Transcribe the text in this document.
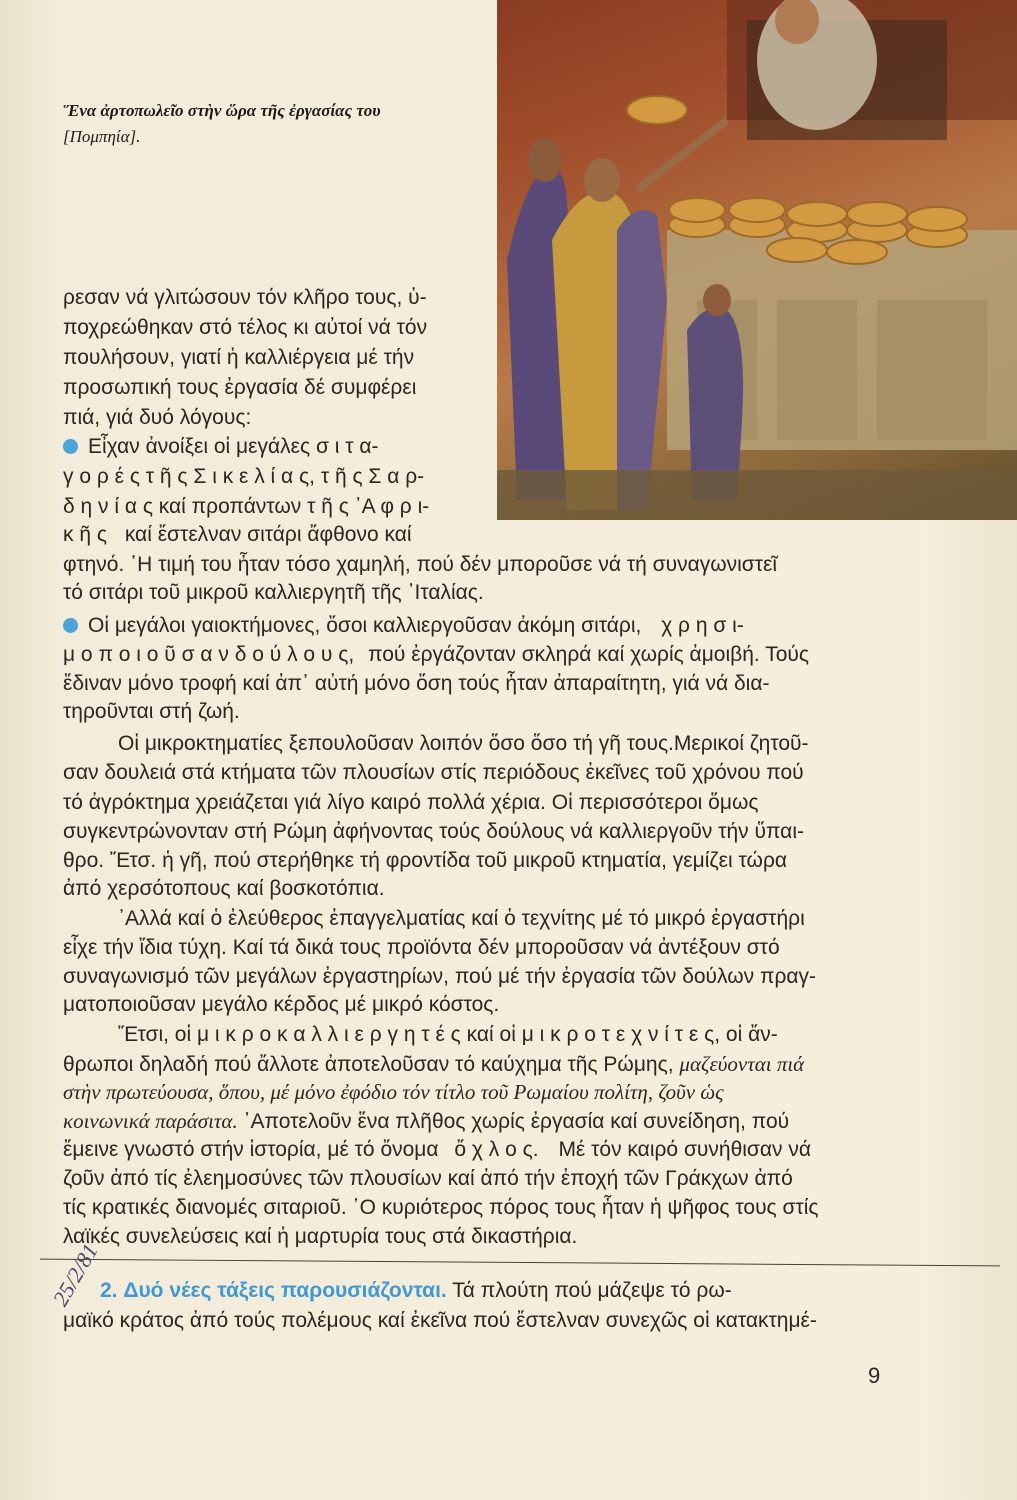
Ἕνα ἀρτοπωλεῖο στὴν ὥρα τῆς ἐργασίας του
[Πομπηία].
ρεσαν νά γλιτώσουν τόν κλῆρο τους, ὑ-
ποχρεώθηκαν στό τέλος κι αὐτοί νά τόν
πουλήσουν, γιατί ἡ καλλιέργεια μέ τήν
προσωπική τους ἐργασία δέ συμφέρει
πιά, γιά δυό λόγους:
Εἶχαν ἀνοίξει οἱ μεγάλες σ ι τ α-
γ ο ρ έ ς τ ῆ ς Σ ι κ ε λ ί α ς, τ ῆ ς Σ α ρ-
δ η ν ί α ς καί προπάντων τ ῆ ς ᾽Α φ ρ ι-
κ ῆ ς καί ἔστελναν σιτάρι ἄφθονο καί
φτηνό. ῾Η τιμή του ἦταν τόσο χαμηλή, πού δέν μποροῦσε νά τή συναγωνιστεῖ
τό σιτάρι τοῦ μικροῦ καλλιεργητῆ τῆς ᾽Ιταλίας.
Οἱ μεγάλοι γαιοκτήμονες, ὅσοι καλλιεργοῦσαν ἀκόμη σιτάρι, χ ρ η σ ι-
μ ο π ο ι ο ῦ σ α ν δ ο ύ λ ο υ ς, πού ἐργάζονταν σκληρά καί χωρίς ἀμοιβή. Τούς
ἔδιναν μόνο τροφή καί ἀπ᾽ αὐτή μόνο ὅση τούς ἦταν ἀπαραίτητη, γιά νά δια-
τηροῦνται στή ζωή.
Οἱ μικροκτηματίες ξεπουλοῦσαν λοιπόν ὅσο ὅσο τή γῆ τους.Μερικοί ζητοῦ-
σαν δουλειά στά κτήματα τῶν πλουσίων στίς περιόδους ἐκεῖνες τοῦ χρόνου πού
τό ἀγρόκτημα χρειάζεται γιά λίγο καιρό πολλά χέρια. Οἱ περισσότεροι ὅμως
συγκεντρώνονταν στή Ρώμη ἀφήνοντας τούς δούλους νά καλλιεργοῦν τήν ὕπαι-
θρο. Ἔτσ. ἡ γῆ, πού στερήθηκε τή φροντίδα τοῦ μικροῦ κτηματία, γεμίζει τώρα
ἀπό χερσότοπους καί βοσκοτόπια.
᾽Αλλά καί ὁ ἐλεύθερος ἐπαγγελματίας καί ὁ τεχνίτης μέ τό μικρό ἐργαστήρι
εἶχε τήν ἴδια τύχη. Καί τά δικά τους προϊόντα δέν μποροῦσαν νά ἀντέξουν στό
συναγωνισμό τῶν μεγάλων ἐργαστηρίων, πού μέ τήν ἐργασία τῶν δούλων πραγ-
ματοποιοῦσαν μεγάλο κέρδος μέ μικρό κόστος.
Ἔτσι, οἱ μ ι κ ρ ο κ α λ λ ι ε ρ γ η τ έ ς καί οἱ μ ι κ ρ ο τ ε χ ν ί τ ε ς, οἱ ἄν-
θρωποι δηλαδή πού ἄλλοτε ἀποτελοῦσαν τό καύχημα τῆς Ρώμης, μαζεύονται πιά
στὴν πρωτεύουσα, ὅπου, μέ μόνο ἐφόδιο τόν τίτλο τοῦ Ρωμαίου πολίτη, ζοῦν ὡς
κοινωνικά παράσιτα. ᾽Αποτελοῦν ἕνα πλῆθος χωρίς ἐργασία καί συνείδηση, πού
ἔμεινε γνωστό στήν ἱστορία, μέ τό ὄνομα ὄ χ λ ο ς. Μέ τόν καιρό συνήθισαν νά
ζοῦν ἀπό τίς ἐλεημοσύνες τῶν πλουσίων καί ἀπό τήν ἐποχή τῶν Γράκχων ἀπό
τίς κρατικές διανομές σιταριοῦ. ῾Ο κυριότερος πόρος τους ἦταν ἡ ψῆφος τους στίς
λαϊκές συνελεύσεις καί ἡ μαρτυρία τους στά δικαστήρια.
25/2/81
2. Δυό νέες τάξεις παρουσιάζονται. Τά πλούτη πού μάζεψε τό ρω-
μαϊκό κράτος ἀπό τούς πολέμους καί ἐκεῖνα πού ἔστελναν συνεχῶς οἱ κατακτημέ-
9
